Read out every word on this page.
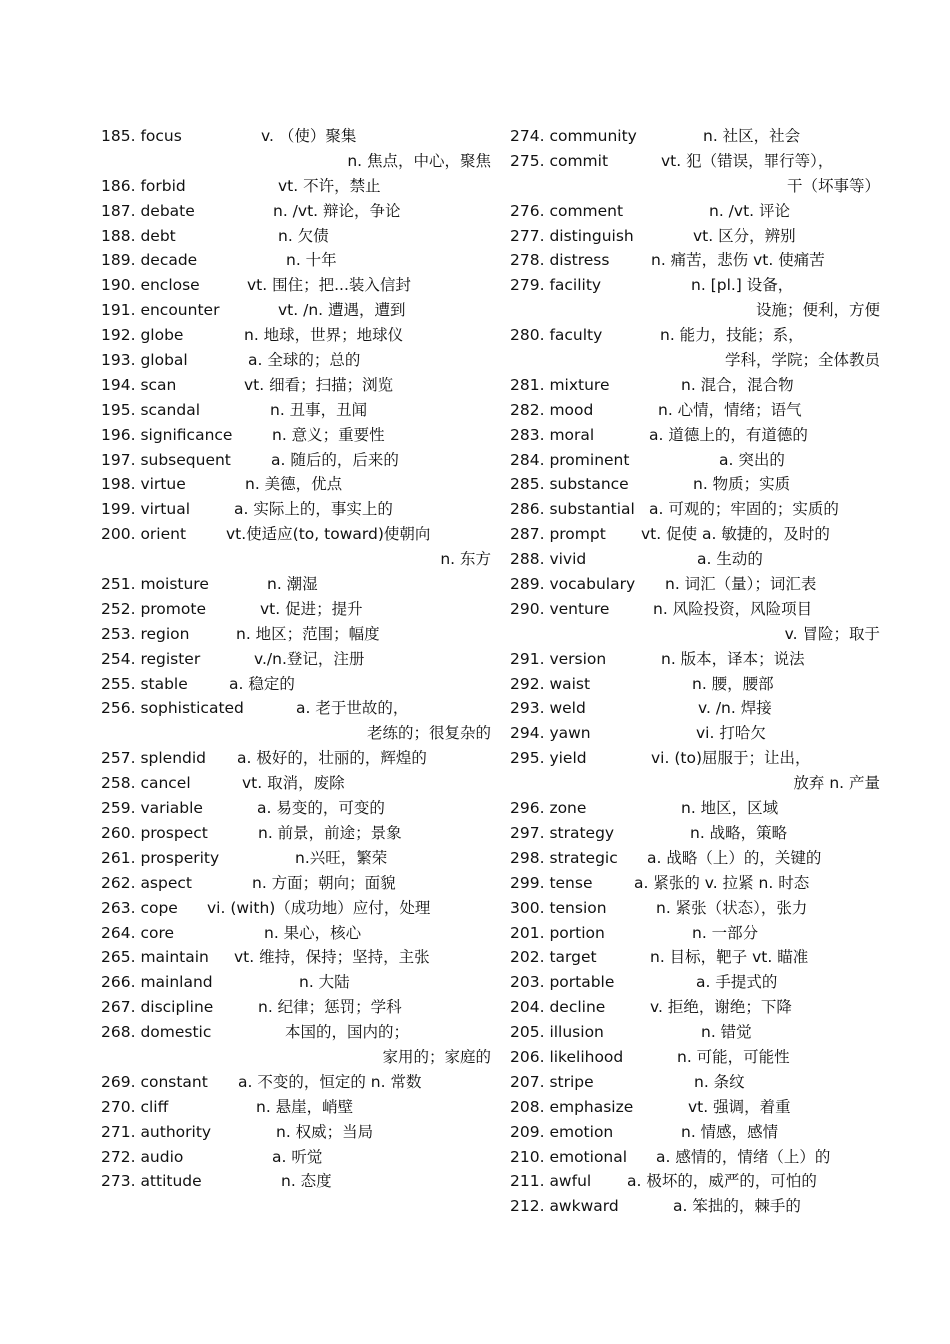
185. focus	v. （使）聚集
n. 焦点，中心，聚焦
186. forbid	vt. 不许，禁止
187. debate	n. /vt. 辩论，争论
188. debt	n. 欠债
189. decade	n. 十年
190. enclose	vt. 围住；把...装入信封
191. encounter	vt. /n. 遭遇，遭到
192. globe	n. 地球，世界；地球仪
193. global	a. 全球的；总的
194. scan	vt. 细看；扫描；浏览
195. scandal	n. 丑事，丑闻
196. significance	n. 意义；重要性
197. subsequent	a. 随后的，后来的
198. virtue	n. 美德，优点
199. virtual	a. 实际上的，事实上的
200. orient	vt.使适应(to, toward)使朝向
n. 东方
251. moisture	n. 潮湿
252. promote	vt. 促进；提升
253. region	n. 地区；范围；幅度
254. register	v./n.登记，注册
255. stable	a. 稳定的
256. sophisticated	a. 老于世故的，
老练的；很复杂的
257. splendid a. 极好的，壮丽的，辉煌的
258. cancel	vt. 取消，废除
259. variable	a. 易变的，可变的
260. prospect	n. 前景，前途；景象
261. prosperity	n.兴旺，繁荣
262. aspect	n. 方面；朝向；面貌
263. cope vi. (with)（成功地）应付，处理
264. core	n. 果心，核心
265. maintain vt. 维持，保持；坚持，主张
266. mainland	n. 大陆
267. discipline	n. 纪律；惩罚；学科
268. domestic	本国的，国内的；
家用的；家庭的
269. constant a. 不变的，恒定的 n. 常数
270. cliff	n. 悬崖，峭壁
271. authority	n. 权威；当局
272. audio	a. 听觉
273. attitude	n. 态度
274. community	n. 社区，社会
275. commit	vt. 犯（错误，罪行等），
干（坏事等）
276. comment	n. /vt. 评论
277. distinguish	vt. 区分，辨别
278. distress	n. 痛苦，悲伤 vt. 使痛苦
279. facility	n. [pl.] 设备，
设施；便利，方便
280. faculty	n. 能力，技能；系，
学科，学院；全体教员
281. mixture	n. 混合，混合物
282. mood	n. 心情，情绪；语气
283. moral	a. 道德上的，有道德的
284. prominent	a. 突出的
285. substance	n. 物质；实质
286. substantial a. 可观的；牢固的；实质的
287. prompt vt. 促使 a. 敏捷的，及时的
288. vivid	a. 生动的
289. vocabulary n. 词汇（量）；词汇表
290. venture	n. 风险投资，风险项目
v. 冒险；取于
291. version	n. 版本，译本；说法
292. waist	n. 腰，腰部
293. weld	v. /n. 焊接
294. yawn	vi. 打哈欠
295. yield	vi. (to)屈服于；让出，
放弃 n. 产量
296. zone	n. 地区，区域
297. strategy	n. 战略，策略
298. strategic a. 战略（上）的，关键的
299. tense	a. 紧张的 v. 拉紧 n. 时态
300. tension	n. 紧张（状态），张力
201. portion	n. 一部分
202. target	n. 目标，靶子 vt. 瞄准
203. portable	a. 手提式的
204. decline	v. 拒绝，谢绝；下降
205. illusion	n. 错觉
206. likelihood	n. 可能，可能性
207. stripe	n. 条纹
208. emphasize	vt. 强调，着重
209. emotion	n. 情感，感情
210. emotional a. 感情的，情绪（上）的
211. awful a. 极坏的，威严的，可怕的
212. awkward	a. 笨拙的，棘手的
